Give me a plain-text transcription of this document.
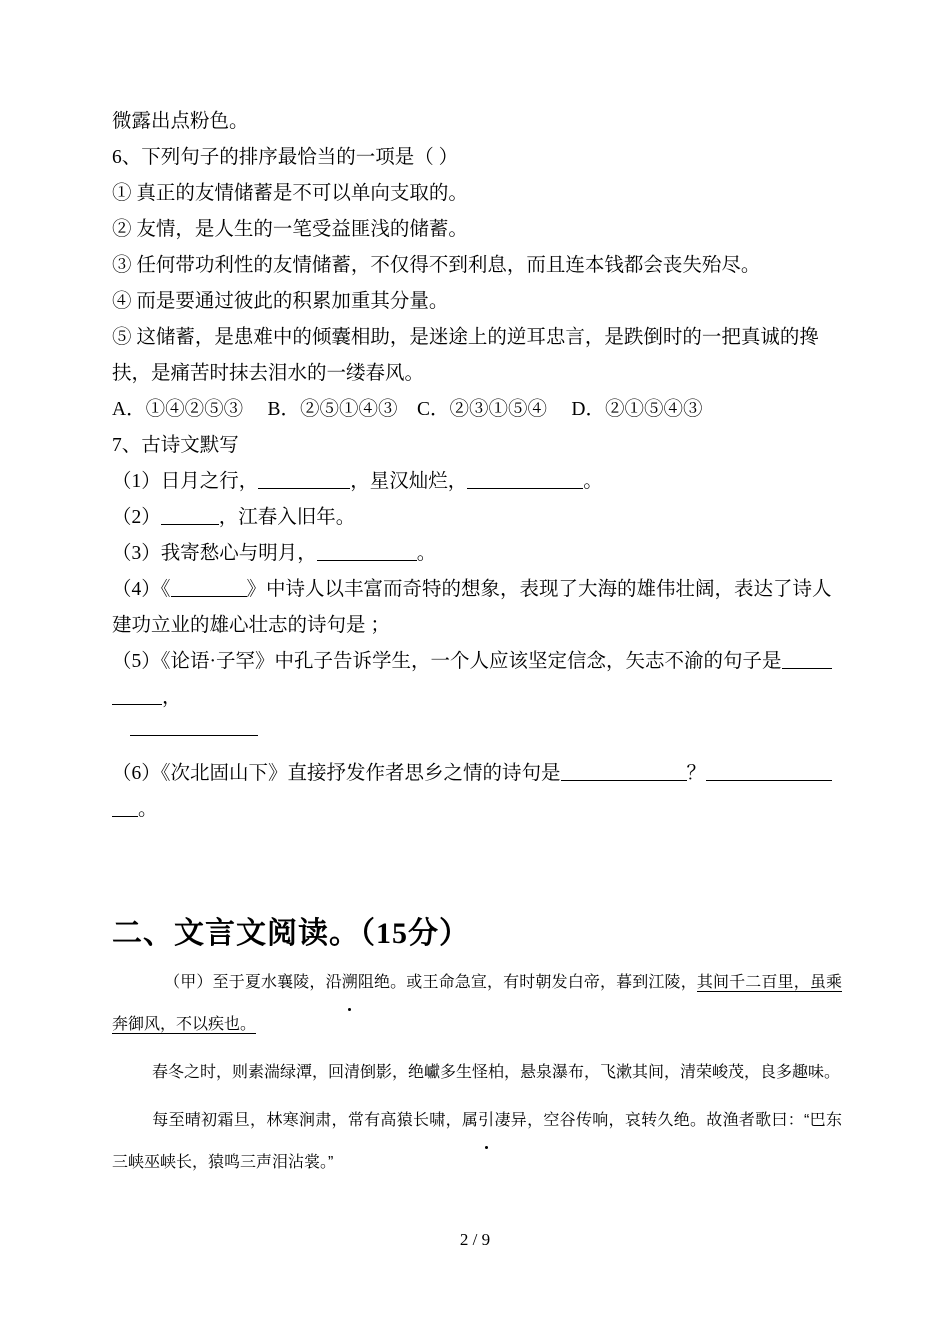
微露出点粉色。

6、下列句子的排序最恰当的一项是（ ）

① 真正的友情储蓄是不可以单向支取的。

② 友情，是人生的一笔受益匪浅的储蓄。

③ 任何带功利性的友情储蓄，不仅得不到利息，而且连本钱都会丧失殆尽。

④ 而是要通过彼此的积累加重其分量。

⑤ 这储蓄，是患难中的倾囊相助，是迷途上的逆耳忠言，是跌倒时的一把真诚的搀扶，是痛苦时抹去泪水的一缕春风。

A．①④②⑤③ B．②⑤①④③ C．②③①⑤④ D．②①⑤④③

7、古诗文默写

（1）日月之行，	，星汉灿烂，	。

（2）	，江春入旧年。

（3）我寄愁心与明月，	。

（4）《	》中诗人以丰富而奇特的想象，表现了大海的雄伟壮阔，表达了诗人建功立业的雄心壮志的诗句是 ；

（5）《论语·子罕》中孔子告诉学生，一个人应该坚定信念，矢志不渝的句子是，

（6）《次北固山下》直接抒发作者思乡之情的诗句是	？。

二、文言文阅读。（15分）

（甲）至于夏水襄陵，沿溯阻绝。或王命急宣，有时朝发白帝，暮到江陵，其间千二百里，虽乘奔御风，不以疾也。

春冬之时，则素湍绿潭，回清倒影，绝巘多生怪柏，悬泉瀑布，飞漱其间，清荣峻茂，良多趣味。

每至晴初霜旦，林寒涧肃，常有高猿长啸，属引凄异，空谷传响，哀转久绝。故渔者歌曰：“巴东三峡巫峡长，猿鸣三声泪沾裳。”

2 / 9
